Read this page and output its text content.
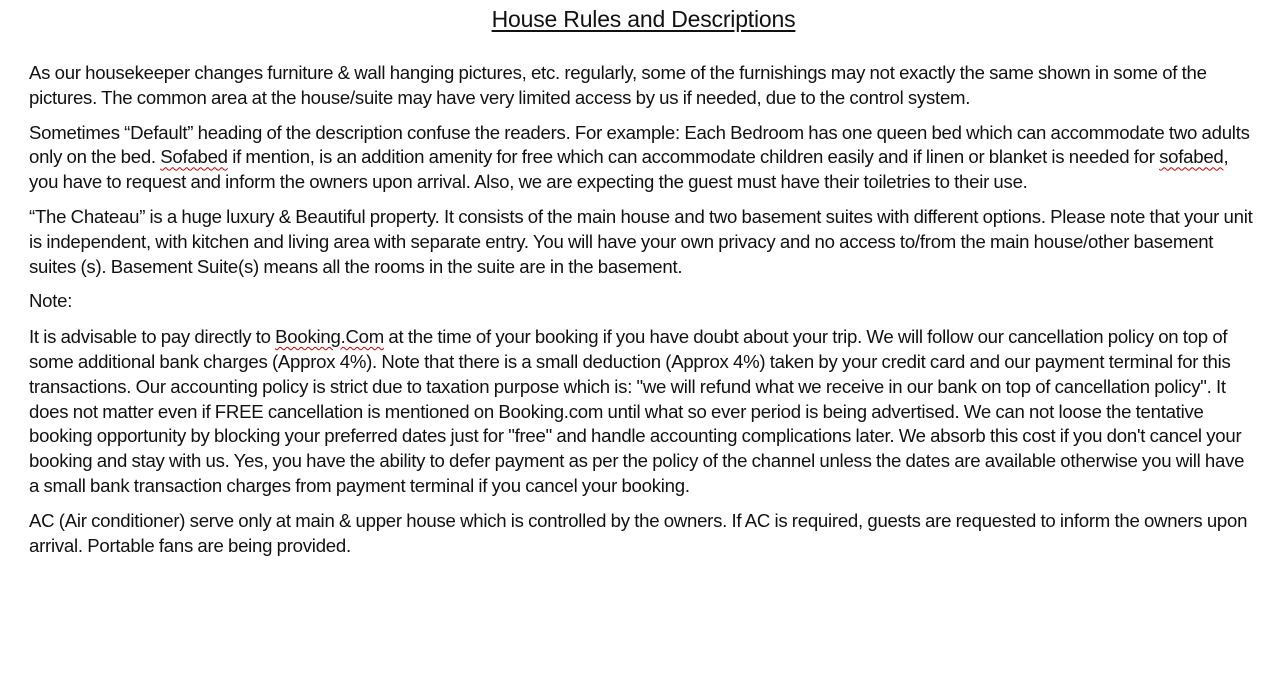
House Rules and Descriptions

As our housekeeper changes furniture & wall hanging pictures, etc. regularly, some of the furnishings may not exactly the same shown in some of the pictures. The common area at the house/suite may have very limited access by us if needed, due to the control system.

Sometimes “Default” heading of the description confuse the readers. For example: Each Bedroom has one queen bed which can accommodate two adults only on the bed. Sofabed if mention, is an addition amenity for free which can accommodate children easily and if linen or blanket is needed for sofabed, you have to request and inform the owners upon arrival. Also, we are expecting the guest must have their toiletries to their use.

“The Chateau” is a huge luxury & Beautiful property. It consists of the main house and two basement suites with different options. Please note that your unit is independent, with kitchen and living area with separate entry. You will have your own privacy and no access to/from the main house/other basement suites (s). Basement Suite(s) means all the rooms in the suite are in the basement.

Note:

It is advisable to pay directly to Booking.Com at the time of your booking if you have doubt about your trip. We will follow our cancellation policy on top of some additional bank charges (Approx 4%). Note that there is a small deduction (Approx 4%) taken by your credit card and our payment terminal for this transactions. Our accounting policy is strict due to taxation purpose which is: "we will refund what we receive in our bank on top of cancellation policy". It does not matter even if FREE cancellation is mentioned on Booking.com until what so ever period is being advertised. We can not loose the tentative booking opportunity by blocking your preferred dates just for "free" and handle accounting complications later. We absorb this cost if you don't cancel your booking and stay with us. Yes, you have the ability to defer payment as per the policy of the channel unless the dates are available otherwise you will have a small bank transaction charges from payment terminal if you cancel your booking.

AC (Air conditioner) serve only at main & upper house which is controlled by the owners. If AC is required, guests are requested to inform the owners upon arrival. Portable fans are being provided.
